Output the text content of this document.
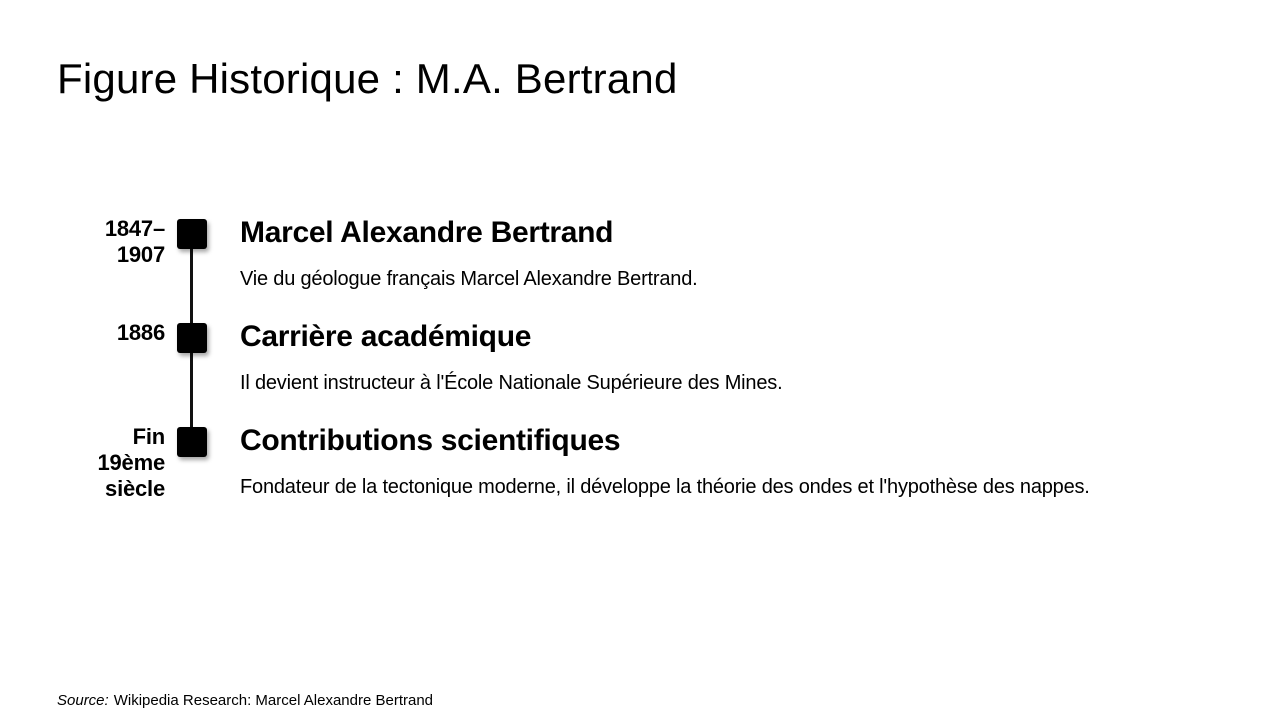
Figure Historique : M.A. Bertrand
1847–1907
Marcel Alexandre Bertrand
Vie du géologue français Marcel Alexandre Bertrand.
1886	Carrière académique
Il devient instructeur à l'École Nationale Supérieure des Mines.
Fin 19ème siècle
Contributions scientifiques
Fondateur de la tectonique moderne, il développe la théorie des ondes et l'hypothèse des nappes.
Source: Wikipedia Research: Marcel Alexandre Bertrand
